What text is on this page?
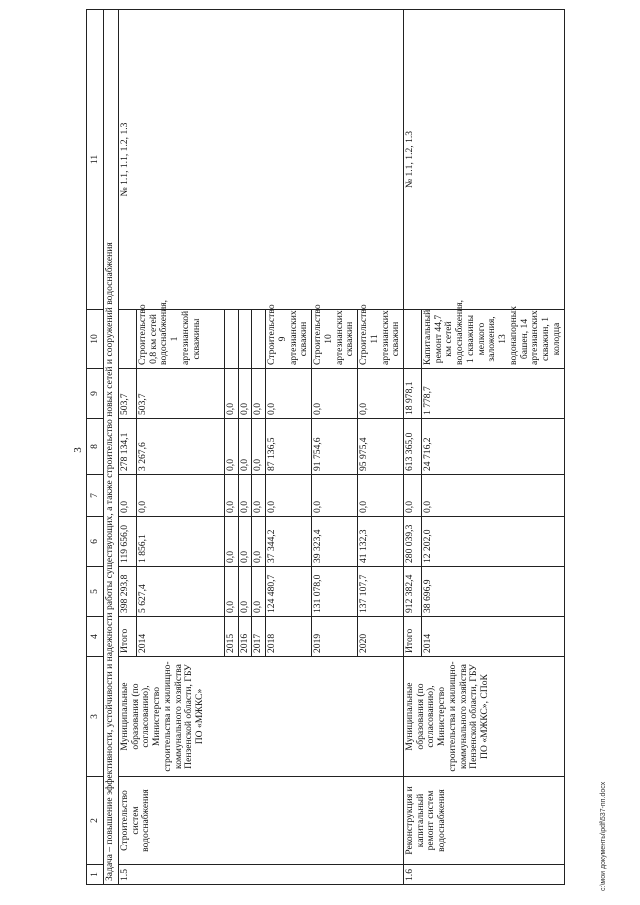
3
1	2	3	4	5	6	7	8	9	10	11
Задача – повышение эффективности, устойчивости и надежности работы существующих, а также строительство новых сетей и сооружений водоснабжения										
1.5	Строительство систем водоснабжения	Муниципальные образования (по согласованию), Министерство строительства и жилищно-коммунального хозяйства Пензенской области, ГБУ ПО «МЖКС»	Итого	398 293,8	119 656,0	0,0	278 134,1	503,7		№ 1.1, 1.1, 1.2, 1.3
			2014	5 627,4	1 856,1	0,0	3 267,6	503,7	Строительство 0,8 км сетей водоснабжения, 1 артезианской скважины	
			2015	0,0	0,0	0,0	0,0	0,0		
			2016	0,0	0,0	0,0	0,0	0,0		
			2017	0,0	0,0	0,0	0,0	0,0		
			2018	124 480,7	37 344,2	0,0	87 136,5	0,0	Строительство 9 артезианских скважин	
			2019	131 078,0	39 323,4	0,0	91 754,6	0,0	Строительство 10 артезианских скважин	
			2020	137 107,7	41 132,3	0,0	95 975,4	0,0	Строительство 11 артезианских скважин	
1.6	Реконструкция и капитальный ремонт систем водоснабжения	Муниципальные образования (по согласованию), Министерство строительства и жилищно-коммунального хозяйства Пензенской области, ГБУ ПО «МЖКС», СПоК	Итого	912 382,4	280 039,3	0,0	613 365,0	18 978,1		№ 1.1, 1.2, 1.3
			2014	38 696,9	12 202,0	0,0	24 716,2	1 778,7	Капитальный ремонт 44,7 км сетей водоснабжения, 1 скважины мелкого заложения, 13 водонапорных башен, 14 артезианских скважин, 1 колодца	
c:\мои документы\pdf\537-пп.docx
